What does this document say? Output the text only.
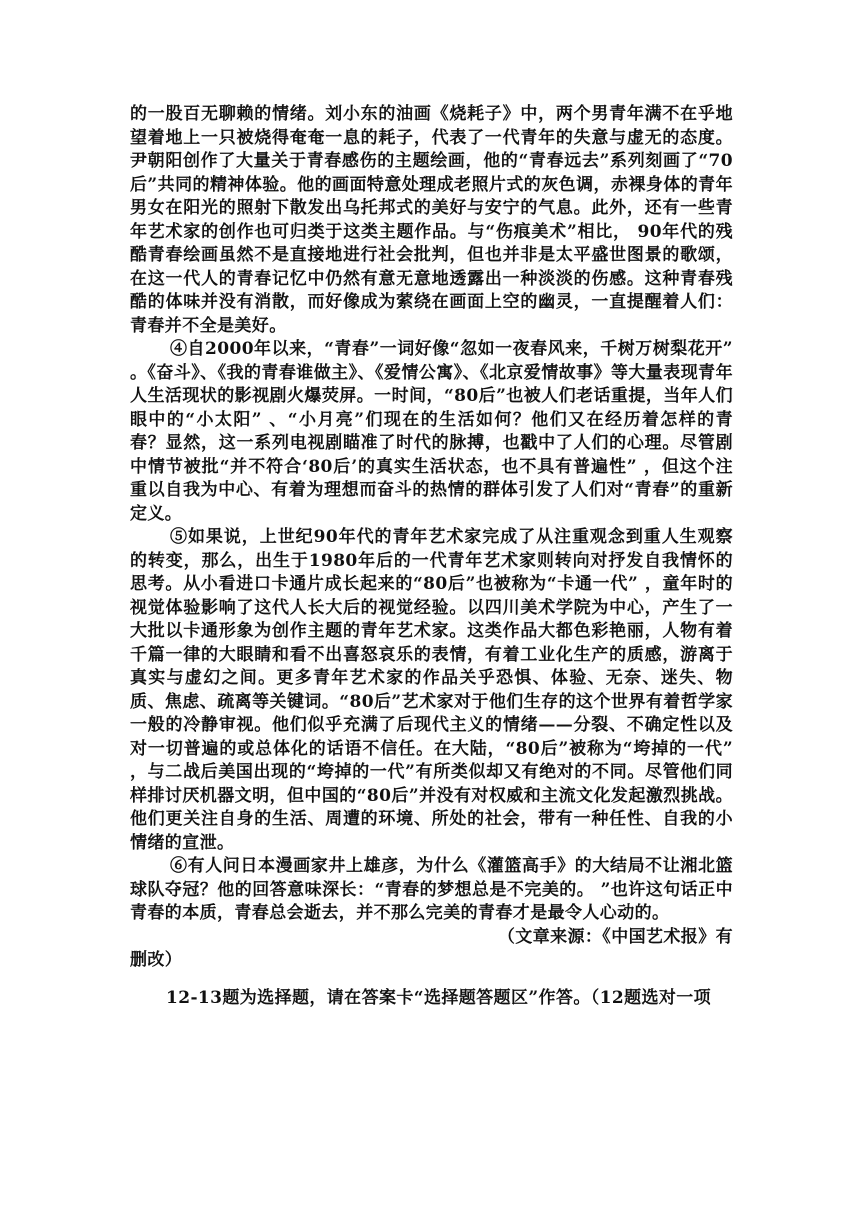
的一股百无聊赖的情绪。刘小东的油画《烧耗子》中，两个男青年满不在乎地望着地上一只被烧得奄奄一息的耗子，代表了一代青年的失意与虚无的态度。尹朝阳创作了大量关于青春感伤的主题绘画，他的“青春远去”系列刻画了“70后”共同的精神体验。他的画面特意处理成老照片式的灰色调，赤裸身体的青年男女在阳光的照射下散发出乌托邦式的美好与安宁的气息。此外，还有一些青年艺术家的创作也可归类于这类主题作品。与“伤痕美术”相比， 90年代的残酷青春绘画虽然不是直接地进行社会批判，但也并非是太平盛世图景的歌颂，在这一代人的青春记忆中仍然有意无意地透露出一种淡淡的伤感。这种青春残酷的体味并没有消散，而好像成为萦绕在画面上空的幽灵，一直提醒着人们：青春并不全是美好。

④自2000年以来，“青春”一词好像“忽如一夜春风来，千树万树梨花开” 。《奋斗》、《我的青春谁做主》、《爱情公寓》、《北京爱情故事》等大量表现青年人生活现状的影视剧火爆荧屏。一时间，“80后”也被人们老话重提，当年人们眼中的“小太阳” 、“小月亮”们现在的生活如何？他们又在经历着怎样的青春？显然，这一系列电视剧瞄准了时代的脉搏，也戳中了人们的心理。尽管剧中情节被批“并不符合‘80后’的真实生活状态，也不具有普遍性” ，但这个注重以自我为中心、有着为理想而奋斗的热情的群体引发了人们对“青春”的重新定义。

⑤如果说，上世纪90年代的青年艺术家完成了从注重观念到重人生观察的转变，那么，出生于1980年后的一代青年艺术家则转向对抒发自我情怀的思考。从小看进口卡通片成长起来的“80后”也被称为“卡通一代” ，童年时的视觉体验影响了这代人长大后的视觉经验。以四川美术学院为中心，产生了一大批以卡通形象为创作主题的青年艺术家。这类作品大都色彩艳丽，人物有着千篇一律的大眼睛和看不出喜怒哀乐的表情，有着工业化生产的质感，游离于真实与虚幻之间。更多青年艺术家的作品关乎恐惧、体验、无奈、迷失、物质、焦虑、疏离等关键词。“80后”艺术家对于他们生存的这个世界有着哲学家一般的冷静审视。他们似乎充满了后现代主义的情绪——分裂、不确定性以及对一切普遍的或总体化的话语不信任。在大陆，“80后”被称为“垮掉的一代” ，与二战后美国出现的“垮掉的一代”有所类似却又有绝对的不同。尽管他们同样排讨厌机器文明，但中国的“80后”并没有对权威和主流文化发起激烈挑战。他们更关注自身的生活、周遭的环境、所处的社会，带有一种任性、自我的小情绪的宣泄。

⑥有人问日本漫画家井上雄彦，为什么《灌篮高手》的大结局不让湘北篮球队夺冠？他的回答意味深长：“青春的梦想总是不完美的。 ”也许这句话正中青春的本质，青春总会逝去，并不那么完美的青春才是最令人心动的。

（文章来源：《中国艺术报》有

删改）

12-13题为选择题，请在答案卡“选择题答题区”作答。（12题选对一项
